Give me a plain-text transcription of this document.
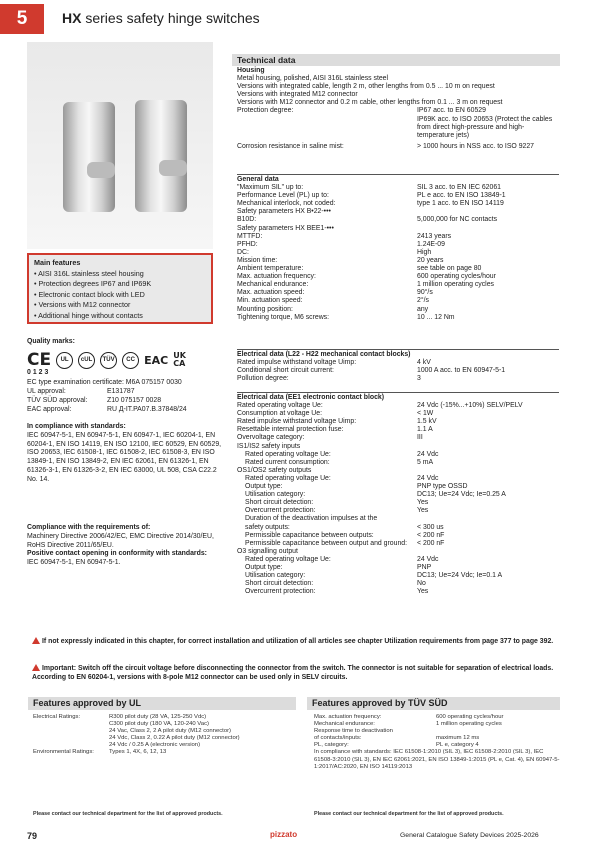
5	HX series safety hinge switches
Main features
• AISI 316L stainless steel housing
• Protection degrees IP67 and IP69K
• Electronic contact block with LED
• Versions with M12 connector
• Additional hinge without contacts
Quality marks:
CE	UL	cUL	TÜV	CC EAC UK
CA
0123
EC type examination certificate: M6A 075157 0030
UL approval:	E131787
TÜV SÜD approval:	Z10 075157 0028
EAC approval:	RU Д-IT.PA07.B.37848/24
In compliance with standards:
IEC 60947-5-1, EN 60947-5-1, EN 60947-1, IEC 60204-1, EN 60204-1, EN ISO 14119, EN ISO 12100, IEC 60529, EN 60529, ISO 20653, IEC 61508-1, IEC 61508-2, IEC 61508-3, EN ISO 13849-1, EN ISO 13849-2, EN IEC 62061, EN 61326-1, EN 61326-3-1, EN 61326-3-2, EN IEC 63000, UL 508, CSA C22.2 No. 14.
Compliance with the requirements of:
Machinery Directive 2006/42/EC, EMC Directive 2014/30/EU, RoHS Directive 2011/65/EU.
Positive contact opening in conformity with standards:
IEC 60947-5-1, EN 60947-5-1.
Technical data
Housing
Metal housing, polished, AISI 316L stainless steel
Versions with integrated cable, length 2 m, other lengths from 0.5 ... 10 m on request
Versions with integrated M12 connector
Versions with M12 connector and 0.2 m cable, other lengths from 0.1 ... 3 m on request
Protection degree:	IP67 acc. to EN 60529
IP69K acc. to ISO 20653 (Protect the cables from direct high-pressure and high-temperature jets)
Corrosion resistance in saline mist:	> 1000 hours in NSS acc. to ISO 9227
General data
"Maximum SIL" up to:	SIL 3 acc. to EN IEC 62061
Performance Level (PL) up to:	PL e acc. to EN ISO 13849-1
Mechanical interlock, not coded:	type 1 acc. to EN ISO 14119
Safety parameters HX B•22-•••
B10D:	5,000,000 for NC contacts
Safety parameters HX BEE1-•••
MTTFD:	2413 years
PFHD:	1.24E-09
DC:	High
Mission time:	20 years
Ambient temperature:	see table on page 80
Max. actuation frequency:	600 operating cycles/hour
Mechanical endurance:	1 million operating cycles
Max. actuation speed:	90°/s
Min. actuation speed:	2°/s
Mounting position:	any
Tightening torque, M6 screws:	10 ... 12 Nm
Electrical data (L22 - H22 mechanical contact blocks)
Rated impulse withstand voltage Uimp:	4 kV
Conditional short circuit current:	1000 A acc. to EN 60947-5-1
Pollution degree:	3
Electrical data (EE1 electronic contact block)
Rated operating voltage Ue:	24 Vdc (-15%...+10%) SELV/PELV
Consumption at voltage Ue:	< 1W
Rated impulse withstand voltage Uimp:	1.5 kV
Resettable internal protection fuse:	1.1 A
Overvoltage category:	III
IS1/IS2 safety inputs
Rated operating voltage Ue:	24 Vdc
Rated current consumption:	5 mA
OS1/OS2 safety outputs
Rated operating voltage Ue:	24 Vdc
Output type:	PNP type OSSD
Utilisation category:	DC13; Ue=24 Vdc; Ie=0.25 A
Short circuit detection:	Yes
Overcurrent protection:	Yes
Duration of the deactivation impulses at the
safety outputs:	< 300 us
Permissible capacitance between outputs:	< 200 nF
Permissible capacitance between output and ground:	< 200 nF
O3 signalling output
Rated operating voltage Ue:	24 Vdc
Output type:	PNP
Utilisation category:	DC13; Ue=24 Vdc; Ie=0.1 A
Short circuit detection:	No
Overcurrent protection:	Yes
If not expressly indicated in this chapter, for correct installation and utilization of all articles see chapter Utilization requirements from page 377 to page 392.
Important: Switch off the circuit voltage before disconnecting the connector from the switch. The connector is not suitable for separation of electrical loads. According to EN 60204-1, versions with 8-pole M12 connector can be used only in SELV circuits.
Features approved by UL
Electrical Ratings:	R300 pilot duty (28 VA, 125-250 Vdc)
C300 pilot duty (180 VA, 120-240 Vac)
24 Vac, Class 2, 2 A pilot duty (M12 connector)
24 Vdc, Class 2, 0.22 A pilot duty (M12 connector)
24 Vdc / 0.25 A (electronic version)
Environmental Ratings:	Types 1, 4X, 6, 12, 13
Please contact our technical department for the list of approved products.
Features approved by TÜV SÜD
Max. actuation frequency:	600 operating cycles/hour
Mechanical endurance:	1 million operating cycles
Response time to deactivation
of contacts/inputs:	maximum 12 ms
PL, category:	PL e, category 4
In compliance with standards: IEC 61508-1:2010 (SIL 3), IEC 61508-2:2010 (SIL 3), IEC 61508-3:2010 (SIL 3), EN IEC 62061:2021, EN ISO 13849-1:2015 (PL e, Cat. 4), EN 60947-5-1:2017/AC:2020, EN ISO 14119:2013
Please contact our technical department for the list of approved products.
79	pizzato	General Catalogue Safety Devices 2025-2026
